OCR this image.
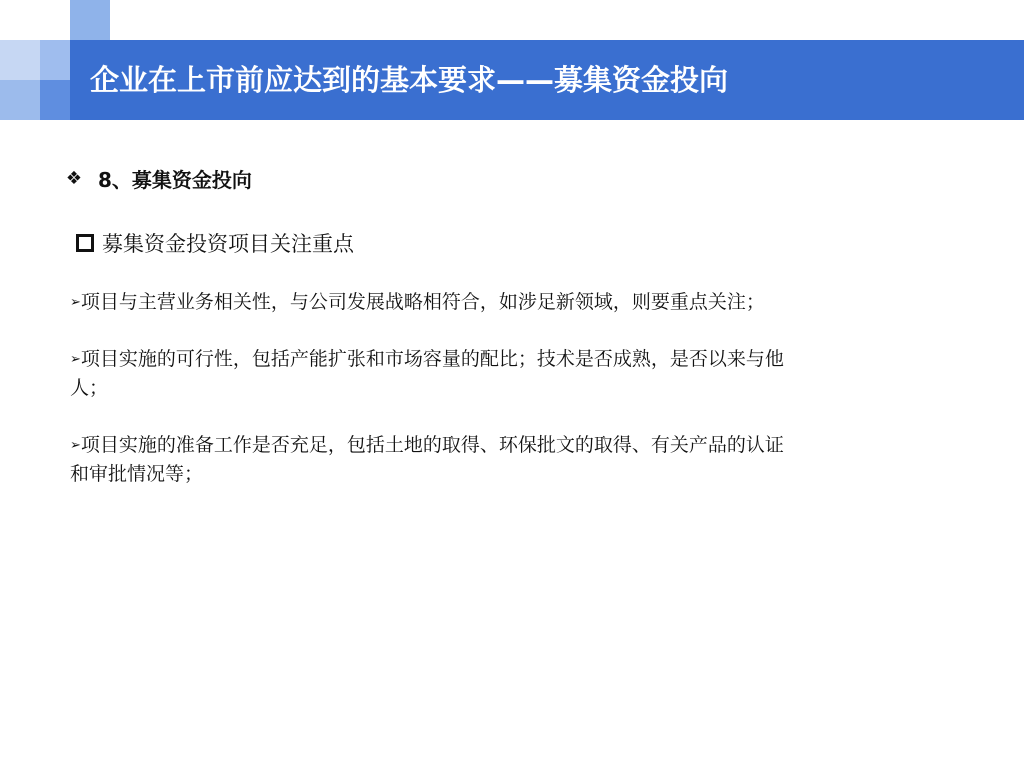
企业在上市前应达到的基本要求——募集资金投向
❖ 8、募集资金投向
募集资金投资项目关注重点

➢项目与主营业务相关性，与公司发展战略相符合，如涉足新领域，则要重点关注；

➢项目实施的可行性，包括产能扩张和市场容量的配比；技术是否成熟，是否以来与他人；

➢项目实施的准备工作是否充足，包括土地的取得、环保批文的取得、有关产品的认证和审批情况等；
